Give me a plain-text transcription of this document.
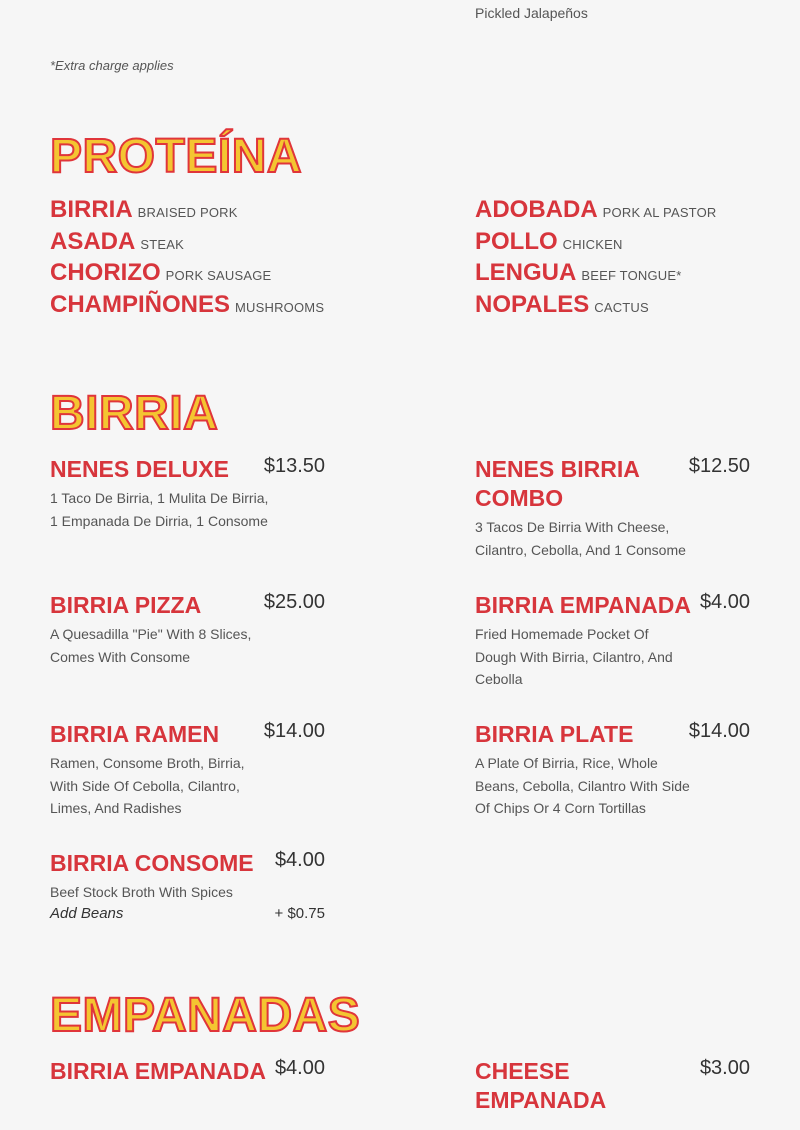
Pickled Jalapeños
*Extra charge applies
PROTEÍNA
BIRRIA BRAISED PORK
ASADA STEAK
CHORIZO PORK SAUSAGE
CHAMPIÑONES MUSHROOMS
ADOBADA PORK AL PASTOR
POLLO CHICKEN
LENGUA BEEF TONGUE*
NOPALES CACTUS
BIRRIA
NENES DELUXE	$13.50
1 Taco De Birria, 1 Mulita De Birria, 1 Empanada De Dirria, 1 Consome
NENES BIRRIA COMBO
$12.50
3 Tacos De Birria With Cheese, Cilantro, Cebolla, And 1 Consome
BIRRIA PIZZA	$25.00
A Quesadilla "Pie" With 8 Slices, Comes With Consome
BIRRIA EMPANADA $4.00
Fried Homemade Pocket Of Dough With Birria, Cilantro, And Cebolla
BIRRIA RAMEN	$14.00
Ramen, Consome Broth, Birria, With Side Of Cebolla, Cilantro, Limes, And Radishes
BIRRIA PLATE	$14.00
A Plate Of Birria, Rice, Whole Beans, Cebolla, Cilantro With Side Of Chips Or 4 Corn Tortillas
BIRRIA CONSOME	$4.00
Beef Stock Broth With Spices
Add Beans	+ $0.75
EMPANADAS
BIRRIA EMPANADA $4.00	CHEESE EMPANADA
$3.00
